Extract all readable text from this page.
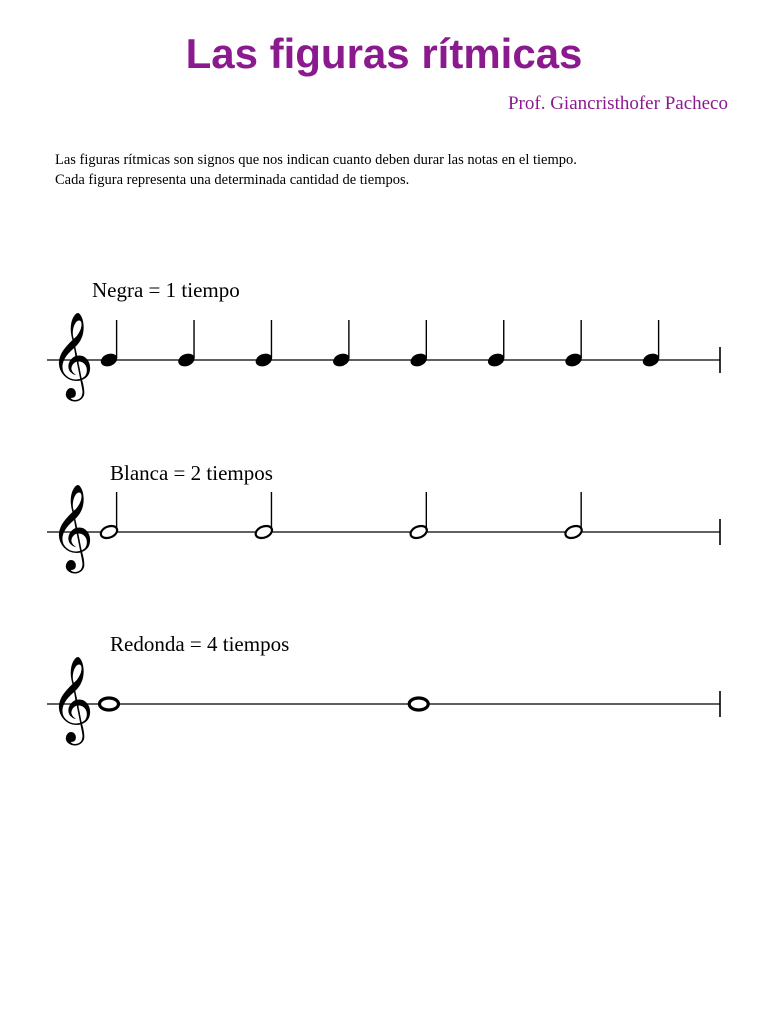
Las figuras rítmicas
Prof. Giancristhofer Pacheco
Las figuras rítmicas son signos que nos indican cuanto deben durar las notas en el tiempo.
Cada figura representa una determinada cantidad de tiempos.
Negra = 1 tiempo
𝄞
Blanca = 2 tiempos
𝄞
Redonda = 4 tiempos
𝄞
